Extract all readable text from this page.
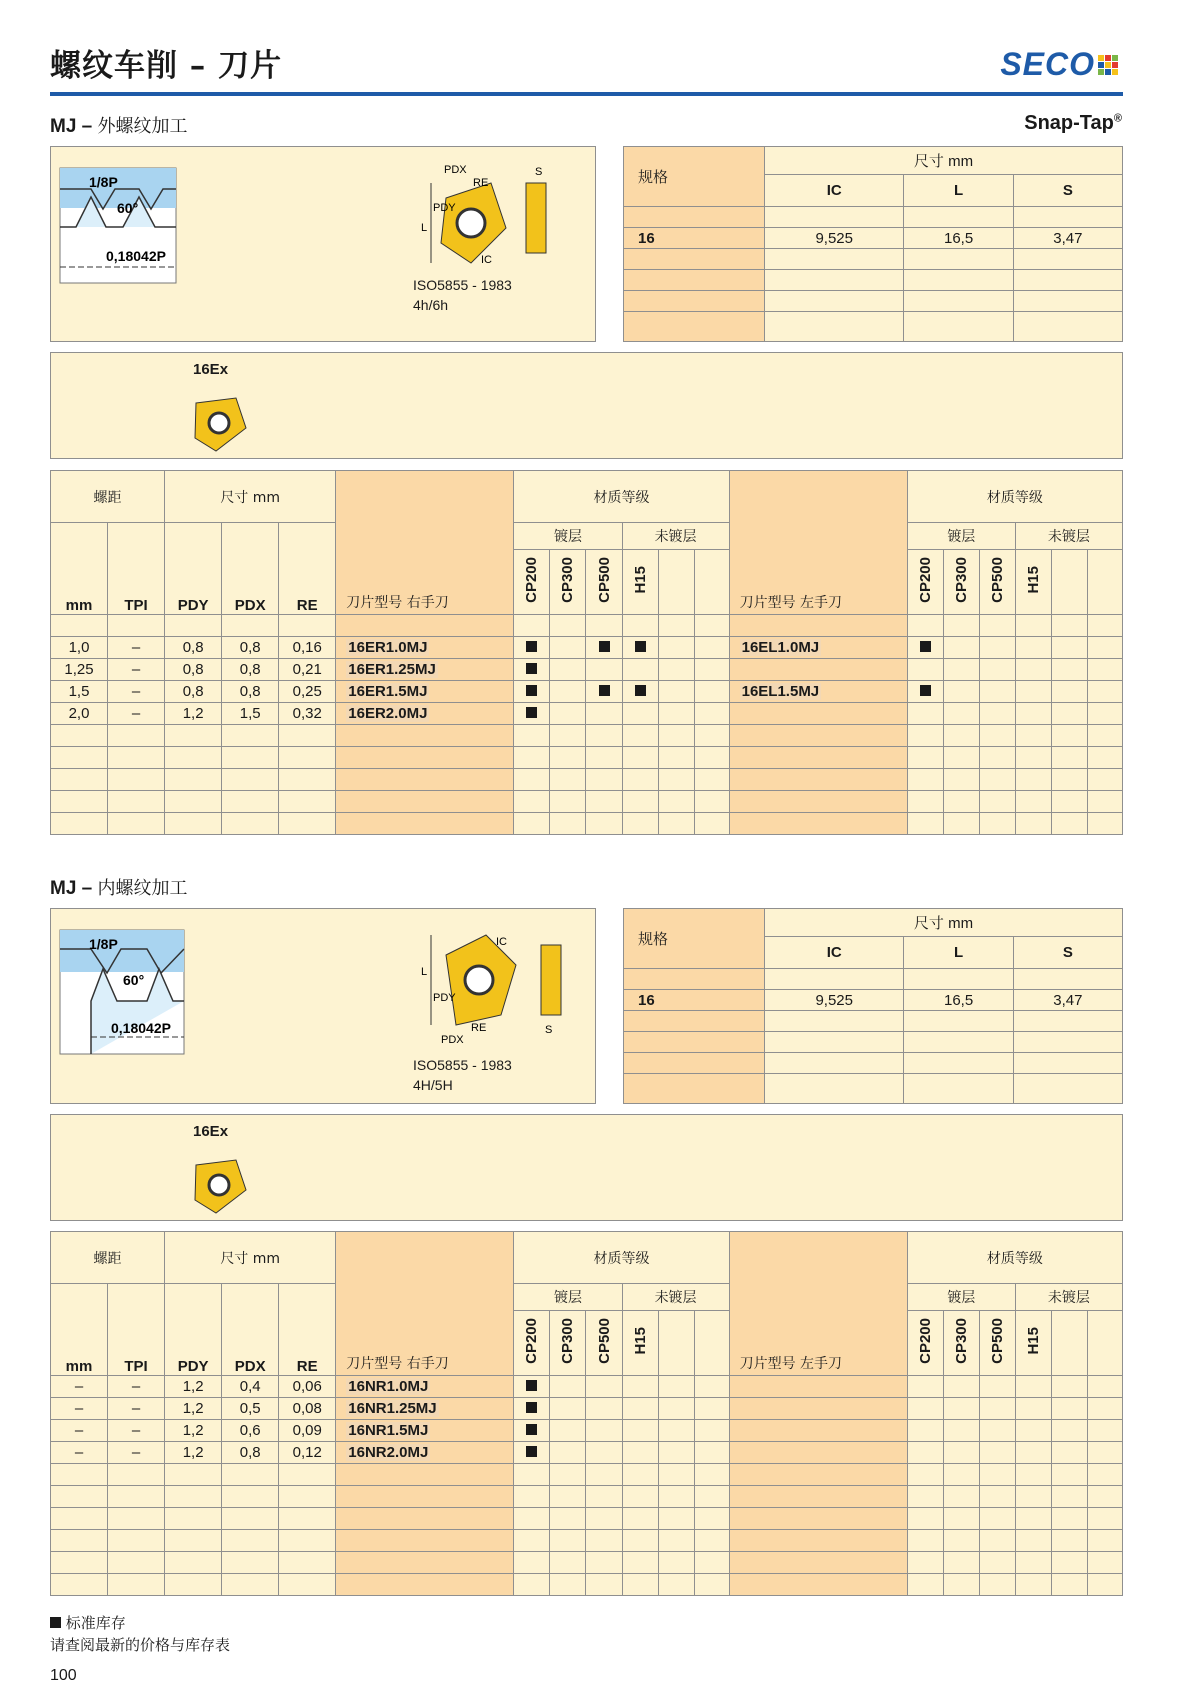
螺纹车削 – 刀片	SECO
MJ – 外螺纹加工	Snap-Tap®
1/8P
60°
0,18042P
PDX
RE
S
PDY
L
IC
ISO5855 - 1983
4h/6h
规格	尺寸 mm		
	IC	L	S

16	9,525	16,5	3,47

16Ex
螺距		尺寸 mm			刀片型号 右手刀	材质等级						刀片型号 左手刀	材质等级					
mm	TPI	PDY	PDX	RE		镀层			未镀层				镀层			未镀层		
						CP200	CP300	CP500	H15				CP200	CP300	CP500	H15		

1,0	–	0,8	0,8	0,16	16ER1.0MJ							16EL1.0MJ						
1,25	–	0,8	0,8	0,21	16ER1.25MJ													
1,5	–	0,8	0,8	0,25	16ER1.5MJ							16EL1.5MJ						
2,0	–	1,2	1,5	0,32	16ER2.0MJ													

MJ – 内螺纹加工
1/8P
60°
0,18042P
IC
L
PDY
RE
PDX
S
ISO5855 - 1983
4H/5H
规格	尺寸 mm		
	IC	L	S

16	9,525	16,5	3,47

16Ex
螺距		尺寸 mm			刀片型号 右手刀	材质等级						刀片型号 左手刀	材质等级					
mm	TPI	PDY	PDX	RE		镀层			未镀层				镀层			未镀层		
						CP200	CP300	CP500	H15				CP200	CP300	CP500	H15		
–	–	1,2	0,4	0,06	16NR1.0MJ													
–	–	1,2	0,5	0,08	16NR1.25MJ													
–	–	1,2	0,6	0,09	16NR1.5MJ													
–	–	1,2	0,8	0,12	16NR2.0MJ													

标准库存
请查阅最新的价格与库存表
100
